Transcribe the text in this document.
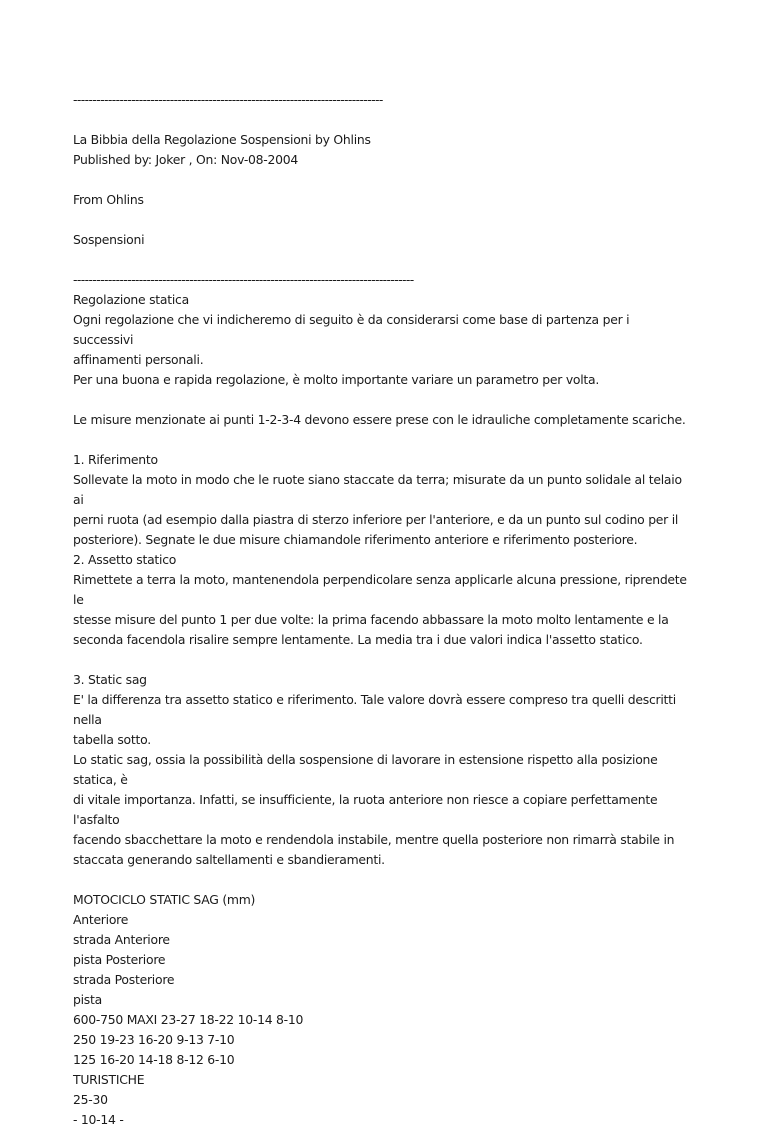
--------------------------------------------------------------------------------

La Bibbia della Regolazione Sospensioni by Ohlins

Published by: Joker , On: Nov-08-2004

From Ohlins

Sospensioni

----------------------------------------------------------------------------------------

Regolazione statica

Ogni regolazione che vi indicheremo di seguito è da considerarsi come base di partenza per i successivi

affinamenti personali.

Per una buona e rapida regolazione, è molto importante variare un parametro per volta.

Le misure menzionate ai punti 1-2-3-4 devono essere prese con le idrauliche completamente scariche.

1. Riferimento

Sollevate la moto in modo che le ruote siano staccate da terra; misurate da un punto solidale al telaio ai

perni ruota (ad esempio dalla piastra di sterzo inferiore per l'anteriore, e da un punto sul codino per il

posteriore). Segnate le due misure chiamandole riferimento anteriore e riferimento posteriore.

2. Assetto statico

Rimettete a terra la moto, mantenendola perpendicolare senza applicarle alcuna pressione, riprendete le

stesse misure del punto 1 per due volte: la prima facendo abbassare la moto molto lentamente e la

seconda facendola risalire sempre lentamente. La media tra i due valori indica l'assetto statico.

3. Static sag

E' la differenza tra assetto statico e riferimento. Tale valore dovrà essere compreso tra quelli descritti nella

tabella sotto.

Lo static sag, ossia la possibilità della sospensione di lavorare in estensione rispetto alla posizione statica, è

di vitale importanza. Infatti, se insufficiente, la ruota anteriore non riesce a copiare perfettamente l'asfalto

facendo sbacchettare la moto e rendendola instabile, mentre quella posteriore non rimarrà stabile in

staccata generando saltellamenti e sbandieramenti.

MOTOCICLO STATIC SAG (mm)

Anteriore

strada Anteriore

pista Posteriore

strada Posteriore

pista

600-750 MAXI 23-27 18-22 10-14 8-10

250 19-23 16-20 9-13 7-10

125 16-20 14-18 8-12 6-10

TURISTICHE

25-30

- 10-14 -
